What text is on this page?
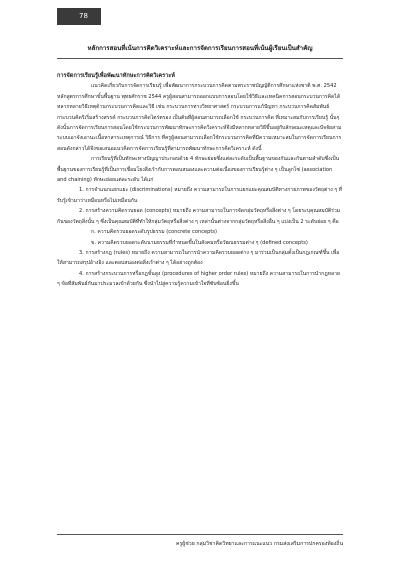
78
หลักการสอนที่เน้นการคิดวิเคราะห์และการจัดการเรียนการสอนที่เน้นผู้เรียนเป็นสำคัญ
การจัดการเรียนรู้เพื่อพัฒนาทักษะการคิดวิเคราะห์

แนวคิดเกี่ยวกับการจัดการเรียนรู้ เพื่อพัฒนาการกระบวนการคิดตามพระราชบัญญัติการศึกษาแห่งชาติ พ.ศ. 2542 หลักสูตรการศึกษาขั้นพื้นฐาน พุทธศักราช 2544 ครูผู้สอนสามารถออกแบบการสอนโดยใช้วิธีและเทคนิคการสอนกระบวนการคิดได้หลากหลายวิธีเหตุด้านกระบวนการคิดและวิธี เช่น กระบวนการทางวิทยาศาสตร์ กระบวนการแก้ปัญหา กระบวนการคิดสัมพันธ์ กระบวนคิดริเริ่มสร้างสรรค์ กระบวนการคิดไตร่ตรอง เป็นต้นที่ผู้สอนสามารถเลือกใช้ กระบวนการคิด ที่เหมาะสมกับการเรียนรู้ นั้นๆ ดังนั้นการจัดการเรียนการสอนโดยใช้กระบวนการพัฒนาทักษะการคิดวิเคราะห์จึงมีหลากหลายวิธีขึ้นอยู่กับลักษณะเหตุและปัจจัยสามระบบเอาจังเอานะเนื้อหาสาระเหตุการณ์ วิธีการ ที่ครูผู้สอนสามารถเลือกใช้กระบวนการคิดที่มีความเหมาะสมในการจัดการเรียนการสอนดังกล่าวได้จึงขอเสนอแนวคิดการจัดการเรียนรู้ที่สามารถพัฒนาทักษะการคิดวิเคราะห์ ดังนี้

การเรียนรู้ที่เป็นทักษะทางปัญญาประกอบด้วย 4 ทักษะย่อยซึ่งแต่ละระดับเป็นพื้นฐานของกันและกันตามลำดับซึ่งเป็นพื้นฐานของการเรียนรู้ที่เป็นการเชื่อมโยงสิ่งเร้ากับการตอบสนองและความต่อเนื่องของการเรียนรู้ต่าง ๆ เป็นลูกโซ่ (association and chaining) ทักษะย่อยแต่ละระดับ ได้แก่

1. การจำแนกแยกแยะ (discriminations) หมายถึง ความสามารถในการแยกแยะคุณสมบัติทางกายภาพของวัตถุต่าง ๆ ที่รับรู้เข้ามาว่าเหมือนหรือไม่เหมือนกัน

2. การสร้างความคิดรวบยอด (concepts) หมายถึง ความสามารถในการจัดกลุ่มวัตถุหรือสิ่งต่าง ๆ โดยระบุคุณสมบัติร่วมกันของวัตถุสิ่งนั้น ๆ ซึ่งเป็นคุณสมบัติที่ทำให้กลุ่มวัตถุหรือสิ่งต่าง ๆ เหล่านั้นต่างจากกลุ่มวัตถุหรือสิ่งอื่น ๆ แบ่งเป็น 2 ระดับย่อย ๆ คือ

ก. ความคิดรวบยอดระดับรูปธรรม (concrete concepts)

ข. ความคิดรวบยอดระดับนามธรรมที่กำหนดขึ้นในสังคมหรือวัฒนธรรมต่าง ๆ (defined concepts)

3. การสร้างกฎ (rules) หมายถึง ความสามารถในการนำความคิดรวบยอดต่าง ๆ มาร่วมเป็นกลุ่มตั้งเป็นกฎเกณฑ์ขึ้น เพื่อให้สามารถสรุปอ้างอิง และตอบสนองต่อสิ่งเร้าต่าง ๆ ได้อย่างถูกต้อง

4. การสร้างกระบวนการหรือกฎขั้นสูง (procedures of higher order rules) หมายถึง ความสามารถในการนำกฎหลาย ๆ ข้อที่สัมพันธ์กันมาประมวลเข้าด้วยกัน ซึ่งนำไปสู่ความรู้ความเข้าใจที่ซับซ้อนยิ่งขึ้น

ครูผู้ช่วย กลุ่มวิชาคิดวิทยาและการแนะแนว กรมส่งเสริมการปกครองท้องถิ่น
